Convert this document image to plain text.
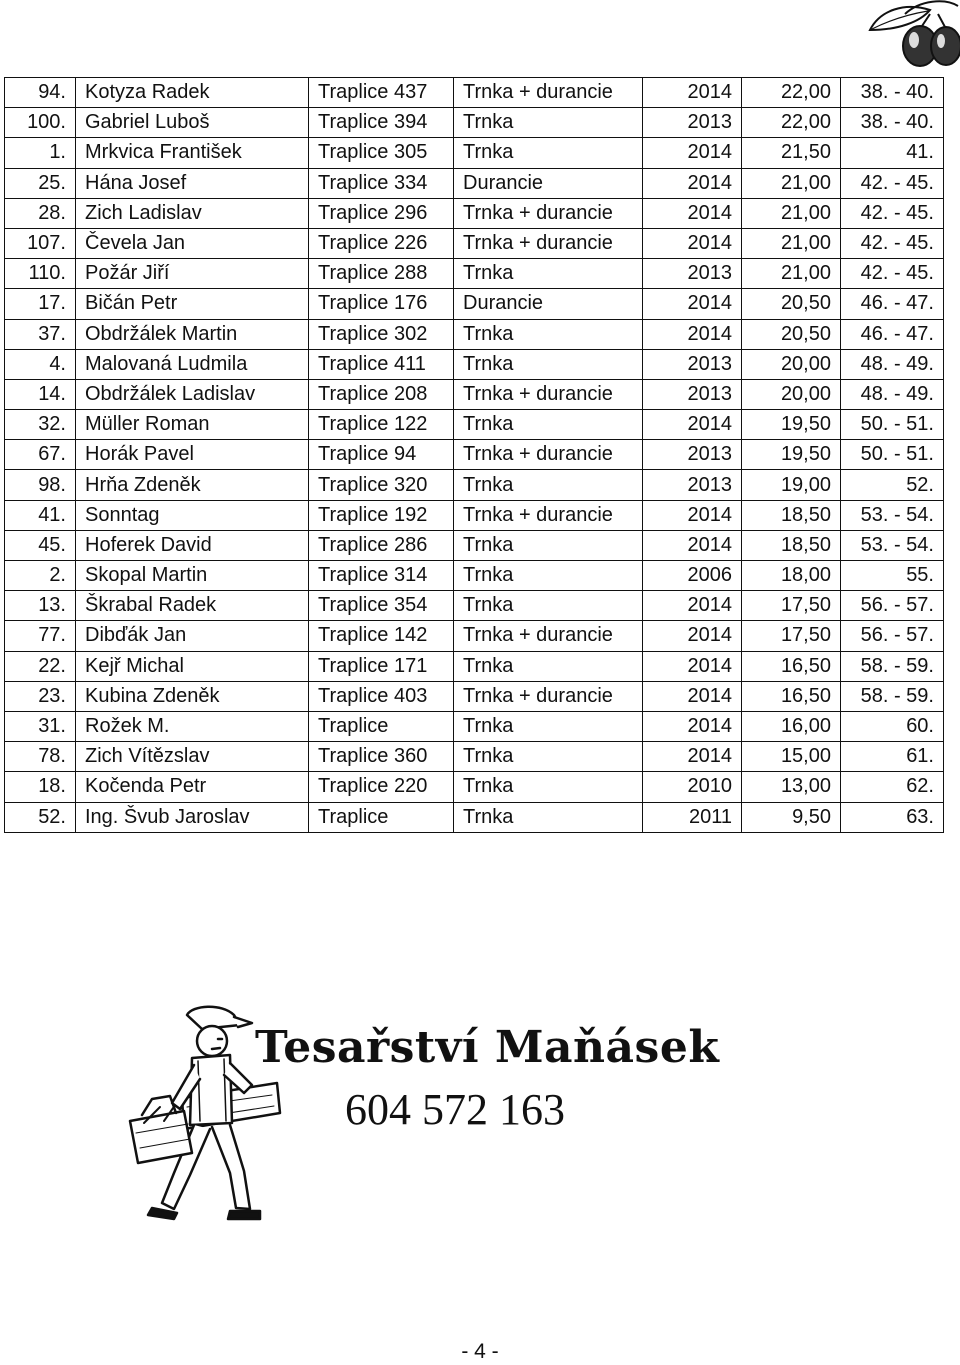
94.	Kotyza Radek	Traplice 437	Trnka + durancie	2014	22,00	38. - 40.
100.	Gabriel Luboš	Traplice 394	Trnka	2013	22,00	38. - 40.
1.	Mrkvica František	Traplice 305	Trnka	2014	21,50	41.
25.	Hána Josef	Traplice 334	Durancie	2014	21,00	42. - 45.
28.	Zich Ladislav	Traplice 296	Trnka + durancie	2014	21,00	42. - 45.
107.	Čevela Jan	Traplice 226	Trnka + durancie	2014	21,00	42. - 45.
110.	Požár Jiří	Traplice 288	Trnka	2013	21,00	42. - 45.
17.	Bičán Petr	Traplice 176	Durancie	2014	20,50	46. - 47.
37.	Obdržálek Martin	Traplice 302	Trnka	2014	20,50	46. - 47.
4.	Malovaná Ludmila	Traplice 411	Trnka	2013	20,00	48. - 49.
14.	Obdržálek Ladislav	Traplice 208	Trnka + durancie	2013	20,00	48. - 49.
32.	Müller Roman	Traplice 122	Trnka	2014	19,50	50. - 51.
67.	Horák Pavel	Traplice 94	Trnka + durancie	2013	19,50	50. - 51.
98.	Hrňa Zdeněk	Traplice 320	Trnka	2013	19,00	52.
41.	Sonntag	Traplice 192	Trnka + durancie	2014	18,50	53. - 54.
45.	Hoferek David	Traplice 286	Trnka	2014	18,50	53. - 54.
2.	Skopal Martin	Traplice 314	Trnka	2006	18,00	55.
13.	Škrabal Radek	Traplice 354	Trnka	2014	17,50	56. - 57.
77.	Dibďák Jan	Traplice 142	Trnka + durancie	2014	17,50	56. - 57.
22.	Kejř Michal	Traplice 171	Trnka	2014	16,50	58. - 59.
23.	Kubina Zdeněk	Traplice 403	Trnka + durancie	2014	16,50	58. - 59.
31.	Rožek M.	Traplice	Trnka	2014	16,00	60.
78.	Zich Vítězslav	Traplice 360	Trnka	2014	15,00	61.
18.	Kočenda Petr	Traplice 220	Trnka	2010	13,00	62.
52.	Ing. Švub Jaroslav	Traplice	Trnka	2011	9,50	63.
Tesařství Maňásek
604 572 163
- 4 -
